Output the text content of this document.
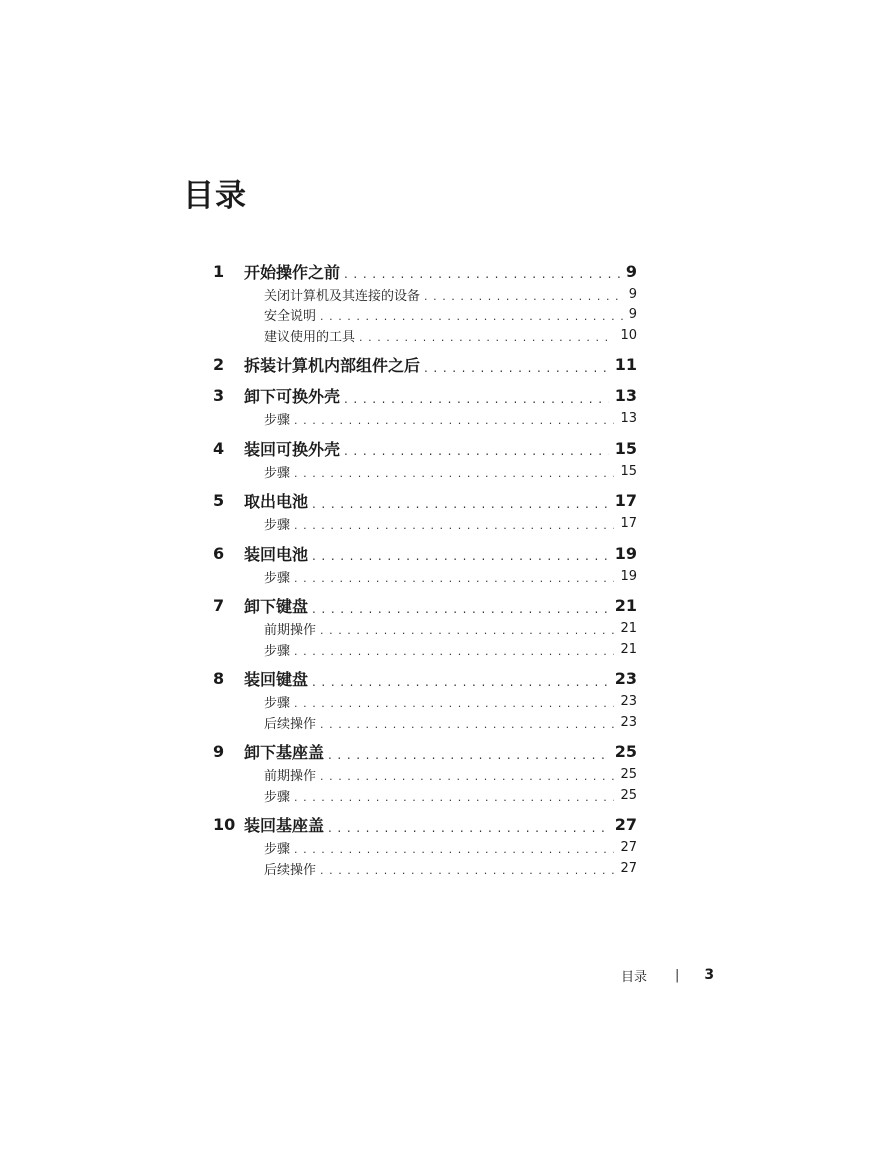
目录
1	开始操作之前 .....	9
关闭计算机及其连接的设备 .....	9
安全说明 .....	9
建议使用的工具 .....	10
2	拆装计算机内部组件之后 .....	11
3	卸下可换外壳 .....	13
步骤 .....	13
4	装回可换外壳 .....	15
步骤 .....	15
5	取出电池 .....	17
步骤 .....	17
6	装回电池 .....	19
步骤 .....	19
7	卸下键盘 .....	21
前期操作 .....	21
步骤 .....	21
8	装回键盘 .....	23
步骤 .....	23
后续操作 .....	23
9	卸下基座盖 .....	25
前期操作 .....	25
步骤 .....	25
10 装回基座盖 .....	27
步骤 .....	27
后续操作 .....	27
目录 | 3
